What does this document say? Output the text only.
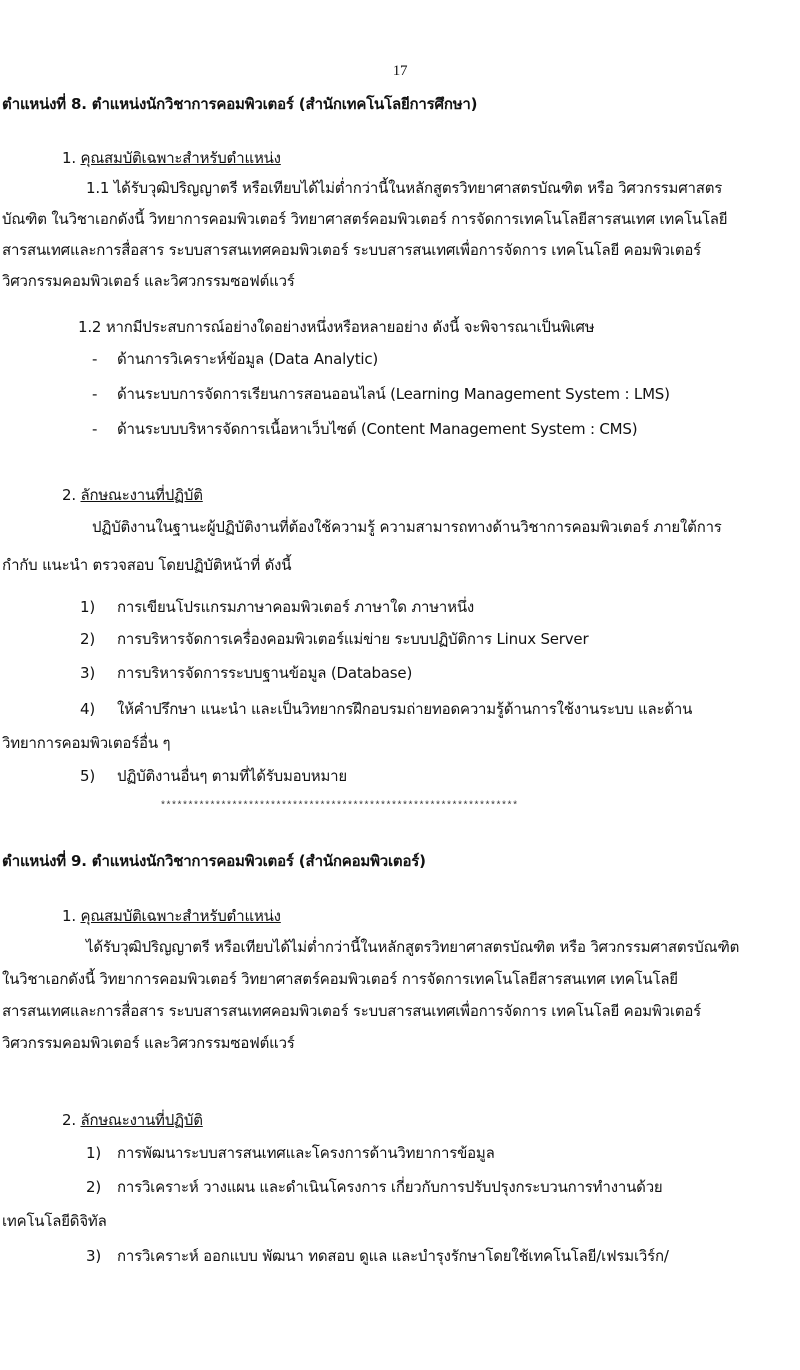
17
ตำแหน่งที่ 8. ตำแหน่งนักวิชาการคอมพิวเตอร์ (สำนักเทคโนโลยีการศึกษา)
1. คุณสมบัติเฉพาะสำหรับตำแหน่ง
1.1 ได้รับวุฒิปริญญาตรี หรือเทียบได้ไม่ต่ำกว่านี้ในหลักสูตรวิทยาศาสตรบัณฑิต หรือ วิศวกรรมศาสตร
บัณฑิต ในวิชาเอกดังนี้ วิทยาการคอมพิวเตอร์ วิทยาศาสตร์คอมพิวเตอร์ การจัดการเทคโนโลยีสารสนเทศ เทคโนโลยี
สารสนเทศและการสื่อสาร ระบบสารสนเทศคอมพิวเตอร์ ระบบสารสนเทศเพื่อการจัดการ เทคโนโลยี คอมพิวเตอร์
วิศวกรรมคอมพิวเตอร์ และวิศวกรรมซอฟต์แวร์
1.2 หากมีประสบการณ์อย่างใดอย่างหนึ่งหรือหลายอย่าง ดังนี้ จะพิจารณาเป็นพิเศษ
- ด้านการวิเคราะห์ข้อมูล (Data Analytic)
- ด้านระบบการจัดการเรียนการสอนออนไลน์ (Learning Management System : LMS)
- ด้านระบบบริหารจัดการเนื้อหาเว็บไซต์ (Content Management System : CMS)
2. ลักษณะงานที่ปฏิบัติ
ปฏิบัติงานในฐานะผู้ปฏิบัติงานที่ต้องใช้ความรู้ ความสามารถทางด้านวิชาการคอมพิวเตอร์ ภายใต้การ
กำกับ แนะนำ ตรวจสอบ โดยปฏิบัติหน้าที่ ดังนี้
1) การเขียนโปรแกรมภาษาคอมพิวเตอร์ ภาษาใด ภาษาหนึ่ง
2) การบริหารจัดการเครื่องคอมพิวเตอร์แม่ข่าย ระบบปฏิบัติการ Linux Server
3) การบริหารจัดการระบบฐานข้อมูล (Database)
4) ให้คำปรึกษา แนะนำ และเป็นวิทยากรฝึกอบรมถ่ายทอดความรู้ด้านการใช้งานระบบ และด้าน
วิทยาการคอมพิวเตอร์อื่น ๆ
5) ปฏิบัติงานอื่นๆ ตามที่ได้รับมอบหมาย
*****************************************************************
ตำแหน่งที่ 9. ตำแหน่งนักวิชาการคอมพิวเตอร์ (สำนักคอมพิวเตอร์)
1. คุณสมบัติเฉพาะสำหรับตำแหน่ง
ได้รับวุฒิปริญญาตรี หรือเทียบได้ไม่ต่ำกว่านี้ในหลักสูตรวิทยาศาสตรบัณฑิต หรือ วิศวกรรมศาสตรบัณฑิต
ในวิชาเอกดังนี้ วิทยาการคอมพิวเตอร์ วิทยาศาสตร์คอมพิวเตอร์ การจัดการเทคโนโลยีสารสนเทศ เทคโนโลยี
สารสนเทศและการสื่อสาร ระบบสารสนเทศคอมพิวเตอร์ ระบบสารสนเทศเพื่อการจัดการ เทคโนโลยี คอมพิวเตอร์
วิศวกรรมคอมพิวเตอร์ และวิศวกรรมซอฟต์แวร์
2. ลักษณะงานที่ปฏิบัติ
1) การพัฒนาระบบสารสนเทศและโครงการด้านวิทยาการข้อมูล
2) การวิเคราะห์ วางแผน และดำเนินโครงการ เกี่ยวกับการปรับปรุงกระบวนการทำงานด้วย
เทคโนโลยีดิจิทัล
3) การวิเคราะห์ ออกแบบ พัฒนา ทดสอบ ดูแล และบำรุงรักษาโดยใช้เทคโนโลยี/เฟรมเวิร์ก/
